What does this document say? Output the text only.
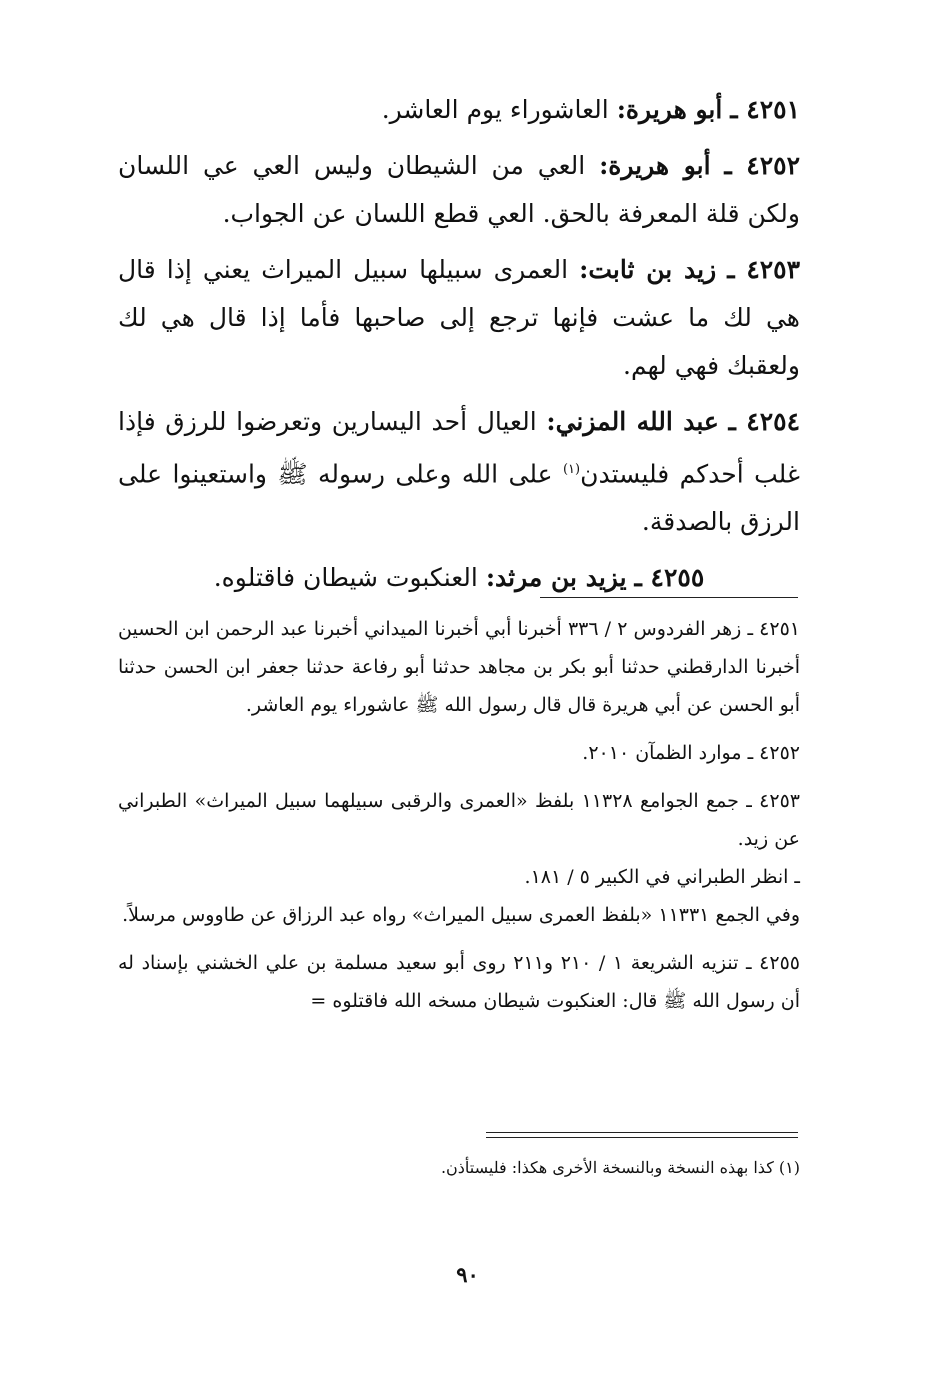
٤٢٥١ ـ أبو هريرة: العاشوراء يوم العاشر.

٤٢٥٢ ـ أبو هريرة: العي من الشيطان وليس العي عي اللسان ولكن قلة المعرفة بالحق. العي قطع اللسان عن الجواب.

٤٢٥٣ ـ زيد بن ثابت: العمرى سبيلها سبيل الميراث يعني إذا قال هي لك ما عشت فإنها ترجع إلى صاحبها فأما إذا قال هي لك ولعقبك فهي لهم.

٤٢٥٤ ـ عبد الله المزني: العيال أحد اليسارين وتعرضوا للرزق فإذا غلب أحدكم فليستدن$^{(١)}$ على الله وعلى رسوله ﷺ واستعينوا على الرزق بالصدقة.

٤٢٥٥ ـ يزيد بن مرثد: العنكبوت شيطان فاقتلوه.

٤٢٥١ ـ زهر الفردوس ٢ / ٣٣٦ أخبرنا أبي أخبرنا الميداني أخبرنا عبد الرحمن ابن الحسين أخبرنا الدارقطني حدثنا أبو بكر بن مجاهد حدثنا أبو رفاعة حدثنا جعفر ابن الحسن حدثنا أبو الحسن عن أبي هريرة قال قال رسول الله ﷺ عاشوراء يوم العاشر.

٤٢٥٢ ـ موارد الظمآن ٢٠١٠.

٤٢٥٣ ـ جمع الجوامع ١١٣٢٨ بلفظ «العمرى والرقبى سبيلهما سبيل الميراث» الطبراني عن زيد.

ـ انظر الطبراني في الكبير ٥ / ١٨١.

وفي الجمع ١١٣٣١ «بلفظ العمرى سبيل الميراث» رواه عبد الرزاق عن طاووس مرسلاً.

٤٢٥٥ ـ تنزيه الشريعة ١ / ٢١٠ و٢١١ روى أبو سعيد مسلمة بن علي الخشني بإسناد له أن رسول الله ﷺ قال: العنكبوت شيطان مسخه الله فاقتلوه =

(١) كذا بهذه النسخة وبالنسخة الأخرى هكذا: فليستأذن.
٩٠
